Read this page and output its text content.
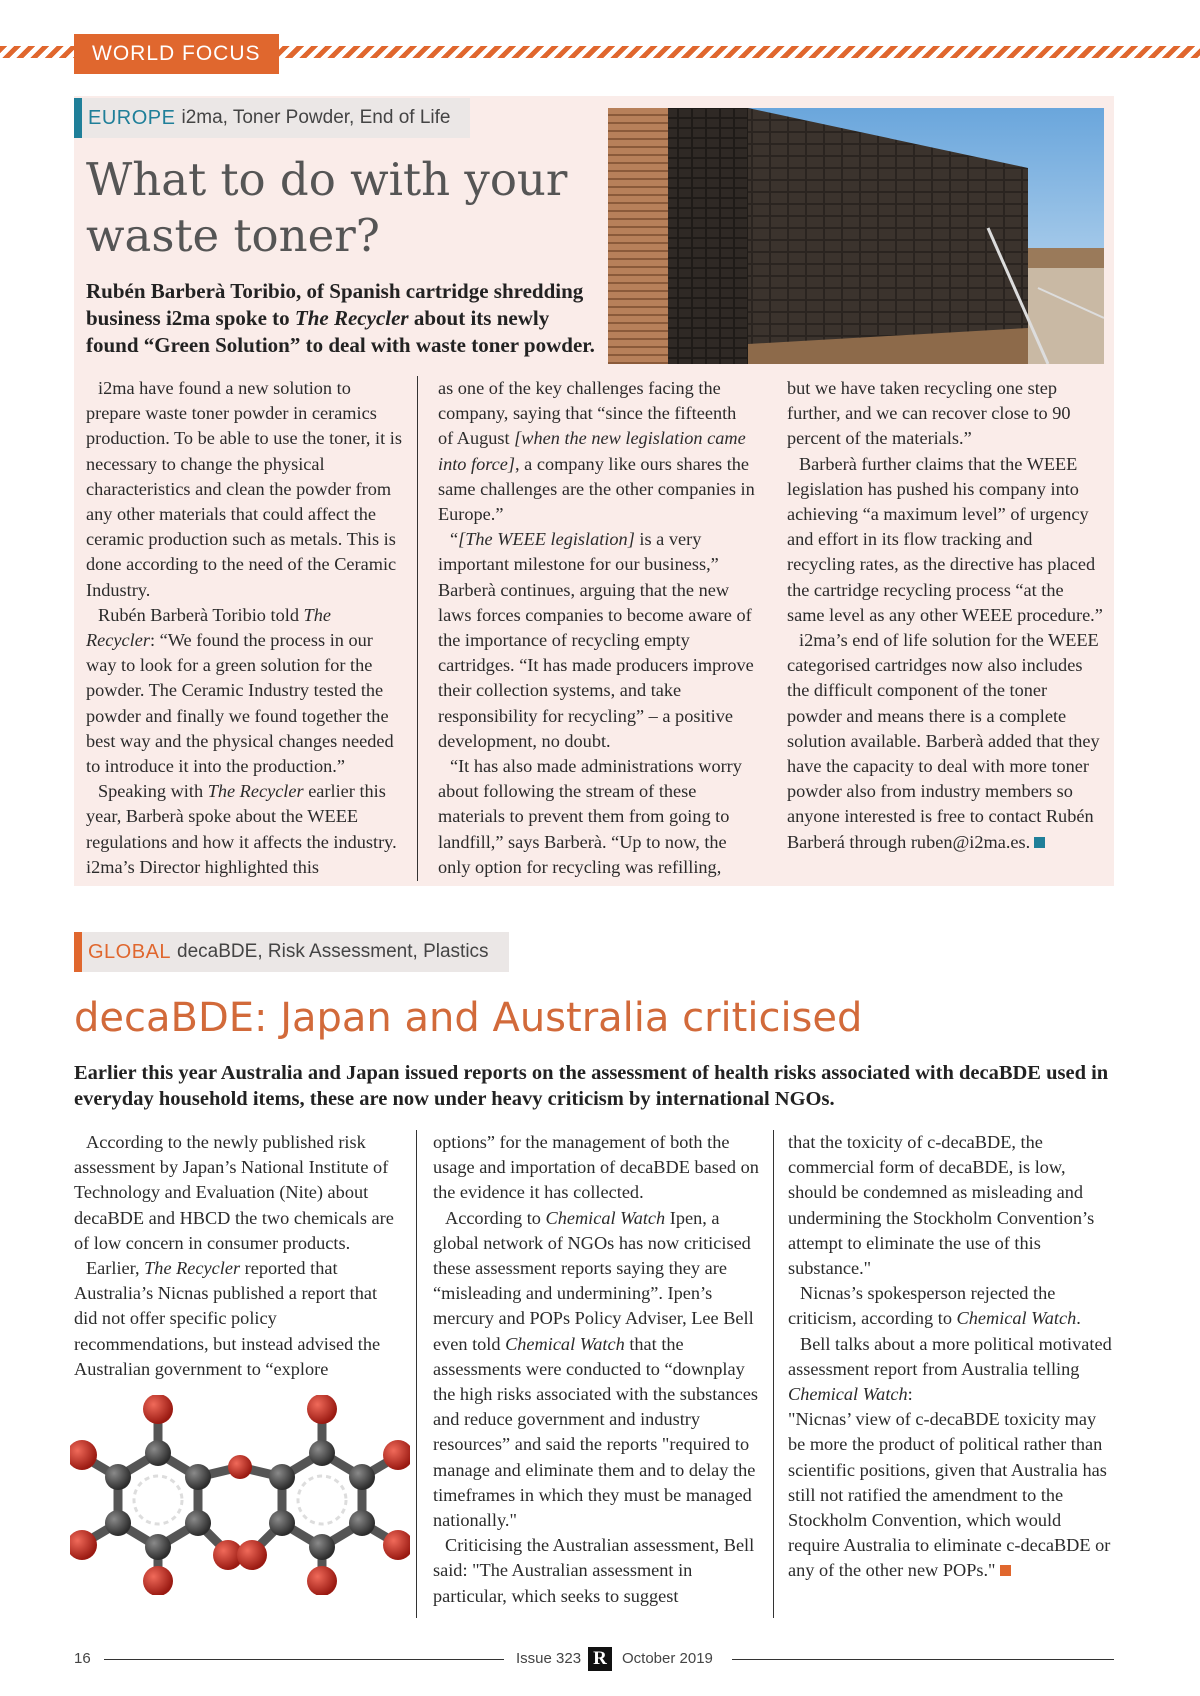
WORLD FOCUS
EUROPE i2ma, Toner Powder, End of Life
What to do with your waste toner?

Rubén Barberà Toribio, of Spanish cartridge shredding business i2ma spoke to The Recycler about its newly found “Green Solution” to deal with waste toner powder.

i2ma have found a new solution to prepare waste toner powder in ceramics production. To be able to use the toner, it is necessary to change the physical characteristics and clean the powder from any other materials that could affect the ceramic production such as metals. This is done according to the need of the Ceramic Industry.

Rubén Barberà Toribio told The Recycler: “We found the process in our way to look for a green solution for the powder. The Ceramic Industry tested the powder and finally we found together the best way and the physical changes needed to introduce it into the production.”

Speaking with The Recycler earlier this year, Barberà spoke about the WEEE regulations and how it affects the industry. i2ma’s Director highlighted this

as one of the key challenges facing the company, saying that “since the fifteenth of August [when the new legislation came into force], a company like ours shares the same challenges are the other companies in Europe.”

“[The WEEE legislation] is a very important milestone for our business,” Barberà continues, arguing that the new laws forces companies to become aware of the importance of recycling empty cartridges. “It has made producers improve their collection systems, and take responsibility for recycling” – a positive development, no doubt.

“It has also made administrations worry about following the stream of these materials to prevent them from going to landfill,” says Barberà. “Up to now, the only option for recycling was refilling,

but we have taken recycling one step further, and we can recover close to 90 percent of the materials.”

Barberà further claims that the WEEE legislation has pushed his company into achieving “a maximum level” of urgency and effort in its flow tracking and recycling rates, as the directive has placed the cartridge recycling process “at the same level as any other WEEE procedure.”

i2ma’s end of life solution for the WEEE categorised cartridges now also includes the difficult component of the toner powder and means there is a complete solution available. Barberà added that they have the capacity to deal with more toner powder also from industry members so anyone interested is free to contact Rubén Barberá through ruben@i2ma.es.

GLOBAL decaBDE, Risk Assessment, Plastics
decaBDE: Japan and Australia criticised

Earlier this year Australia and Japan issued reports on the assessment of health risks associated with decaBDE used in everyday household items, these are now under heavy criticism by international NGOs.

According to the newly published risk assessment by Japan’s National Institute of Technology and Evaluation (Nite) about decaBDE and HBCD the two chemicals are of low concern in consumer products.

Earlier, The Recycler reported that Australia’s Nicnas published a report that did not offer specific policy recommendations, but instead advised the Australian government to “explore

options” for the management of both the usage and importation of decaBDE based on the evidence it has collected.

According to Chemical Watch Ipen, a global network of NGOs has now criticised these assessment reports saying they are “misleading and undermining”. Ipen’s mercury and POPs Policy Adviser, Lee Bell even told Chemical Watch that the assessments were conducted to “downplay the high risks associated with the substances and reduce government and industry resources” and said the reports "required to manage and eliminate them and to delay the timeframes in which they must be managed nationally."

Criticising the Australian assessment, Bell said: "The Australian assessment in particular, which seeks to suggest

that the toxicity of c-decaBDE, the commercial form of decaBDE, is low, should be condemned as misleading and undermining the Stockholm Convention’s attempt to eliminate the use of this substance."

Nicnas’s spokesperson rejected the criticism, according to Chemical Watch.

Bell talks about a more political motivated assessment report from Australia telling Chemical Watch:

"Nicnas’ view of c-decaBDE toxicity may be more the product of political rather than scientific positions, given that Australia has still not ratified the amendment to the Stockholm Convention, which would require Australia to eliminate c-decaBDE or any of the other new POPs."

16	Issue 323 R	October 2019
